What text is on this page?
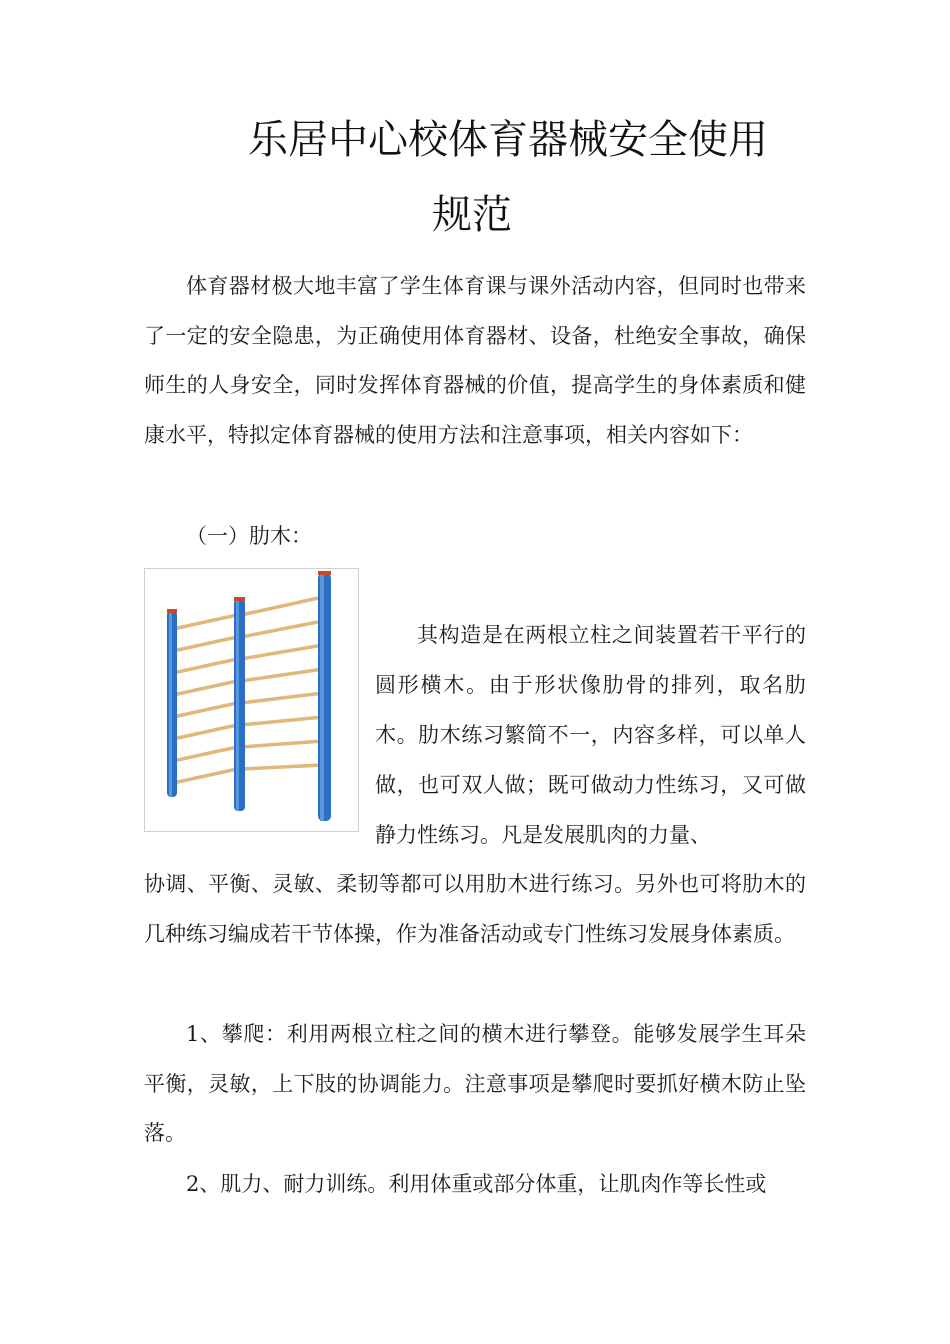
乐居中心校体育器械安全使用
规范

体育器材极大地丰富了学生体育课与课外活动内容，但同时也带来了一定的安全隐患，为正确使用体育器材、设备，杜绝安全事故，确保师生的人身安全，同时发挥体育器械的价值，提高学生的身体素质和健康水平，特拟定体育器械的使用方法和注意事项，相关内容如下：

（一）肋木：

其构造是在两根立柱之间装置若干平行的圆形横木。由于形状像肋骨的排列，取名肋木。肋木练习繁简不一，内容多样，可以单人做，也可双人做；既可做动力性练习，又可做静力性练习。凡是发展肌肉的力量、

协调、平衡、灵敏、柔韧等都可以用肋木进行练习。另外也可将肋木的几种练习编成若干节体操，作为准备活动或专门性练习发展身体素质。

1、攀爬：利用两根立柱之间的横木进行攀登。能够发展学生耳朵平衡，灵敏，上下肢的协调能力。注意事项是攀爬时要抓好横木防止坠落。

2、肌力、耐力训练。利用体重或部分体重，让肌肉作等长性或
